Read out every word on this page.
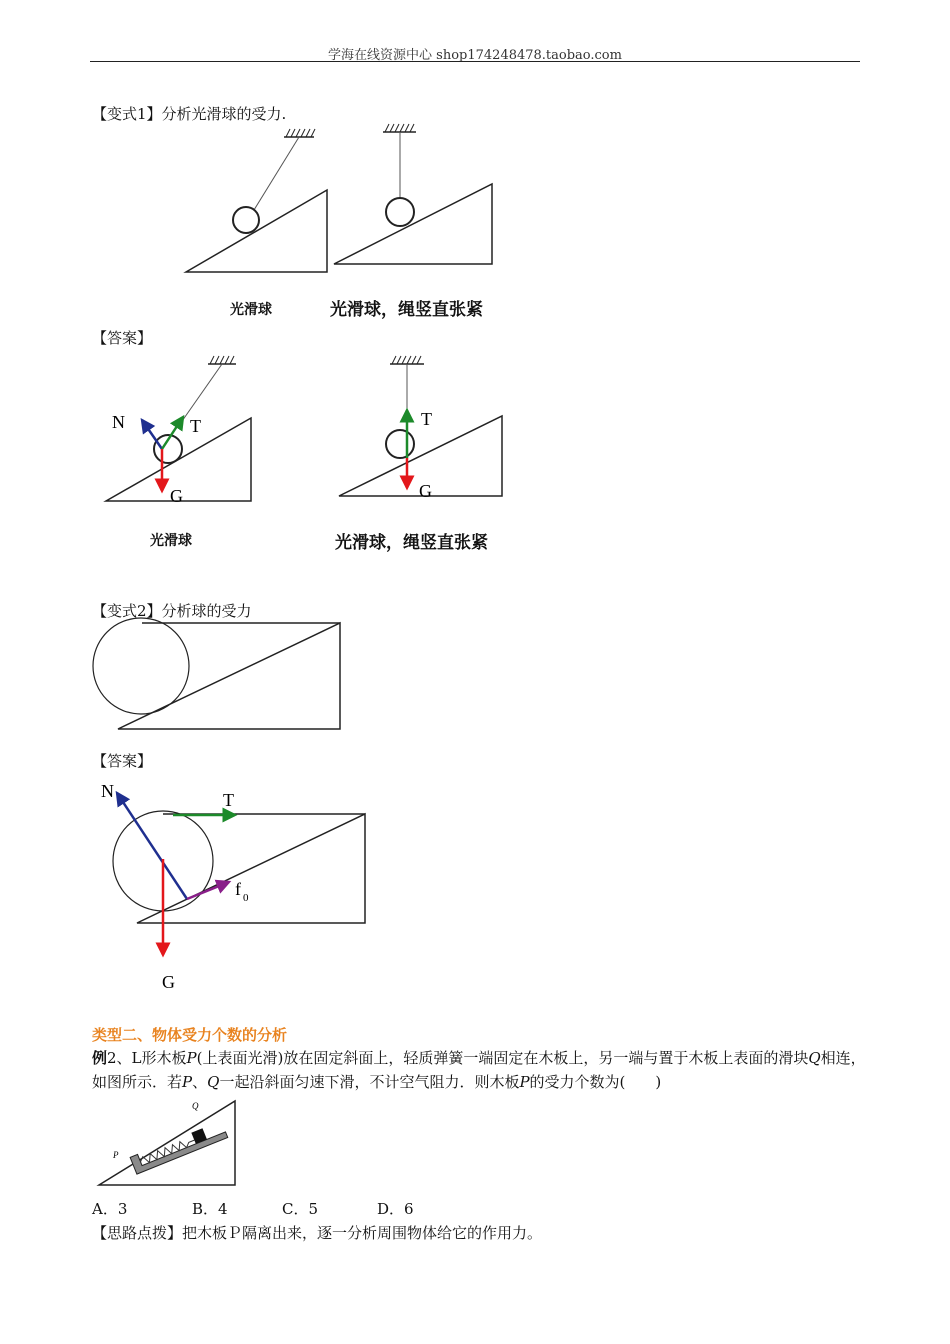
学海在线资源中心 shop174248478.taobao.com
【变式1】分析光滑球的受力.
光滑球	光滑球，绳竖直张紧
【答案】
N	T
G
T
G
光滑球	光滑球，绳竖直张紧
【变式2】分析球的受力
【答案】
N	T
f 0
G
类型二、物体受力个数的分析
例2、L形木板P(上表面光滑)放在固定斜面上，轻质弹簧一端固定在木板上，另一端与置于木板上表面的滑块Q相连，如图所示．若P、Q一起沿斜面匀速下滑，不计空气阻力．则木板P的受力个数为(　　)
Q
P
A．3	B．4	C．5	D．6
【思路点拨】把木板Ｐ隔离出来，逐一分析周围物体给它的作用力。
